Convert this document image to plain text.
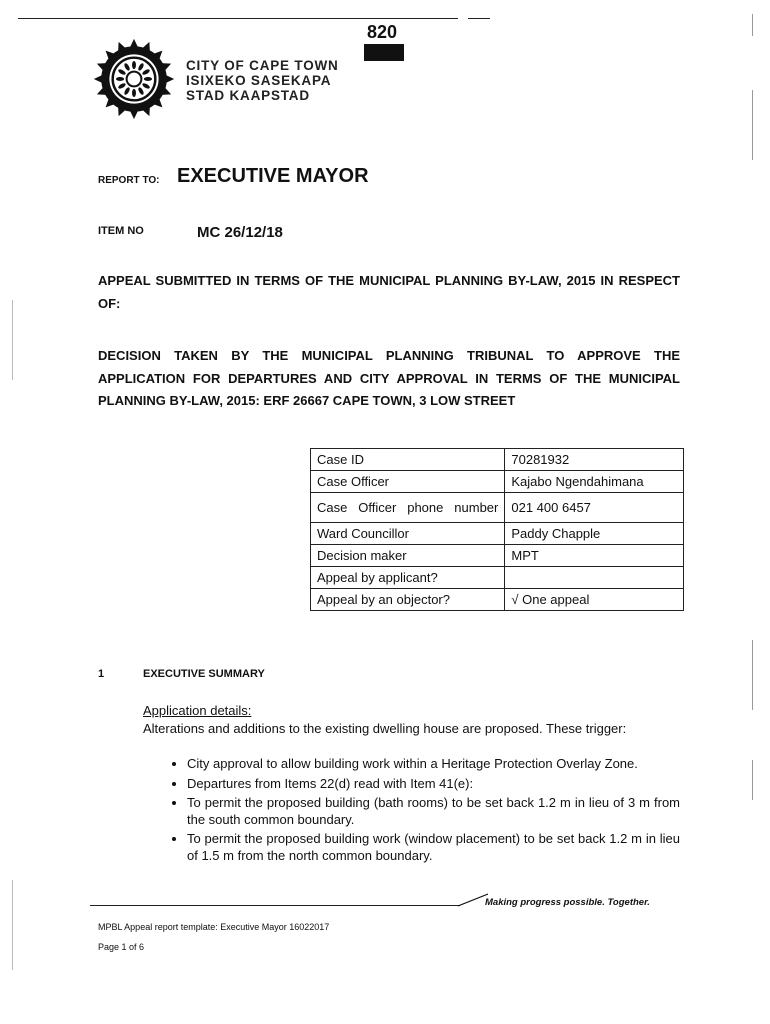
820
CITY OF CAPE TOWN
ISIXEKO SASEKAPA
STAD KAAPSTAD
REPORT TO: EXECUTIVE MAYOR
ITEM NO	MC 26/12/18
APPEAL SUBMITTED IN TERMS OF THE MUNICIPAL PLANNING BY-LAW, 2015 IN RESPECT OF:
DECISION TAKEN BY THE MUNICIPAL PLANNING TRIBUNAL TO APPROVE THE APPLICATION FOR DEPARTURES AND CITY APPROVAL IN TERMS OF THE MUNICIPAL PLANNING BY-LAW, 2015: ERF 26667 CAPE TOWN, 3 LOW STREET
Case ID	70281932
Case Officer	Kajabo Ngendahimana

Case Officer phone number	021 400 6457
Ward Councillor	Paddy Chapple
Decision maker	MPT
Appeal by applicant?	
Appeal by an objector?	√ One appeal
1	EXECUTIVE SUMMARY
Application details:
Alterations and additions to the existing dwelling house are proposed. These trigger:
• City approval to allow building work within a Heritage Protection Overlay Zone.
• Departures from Items 22(d) read with Item 41(e):
• To permit the proposed building (bath rooms) to be set back 1.2 m in lieu of 3 m from the south common boundary.
• To permit the proposed building work (window placement) to be set back 1.2 m in lieu of 1.5 m from the north common boundary.
Making progress possible. Together.
MPBL Appeal report template: Executive Mayor 16022017
Page 1 of 6
